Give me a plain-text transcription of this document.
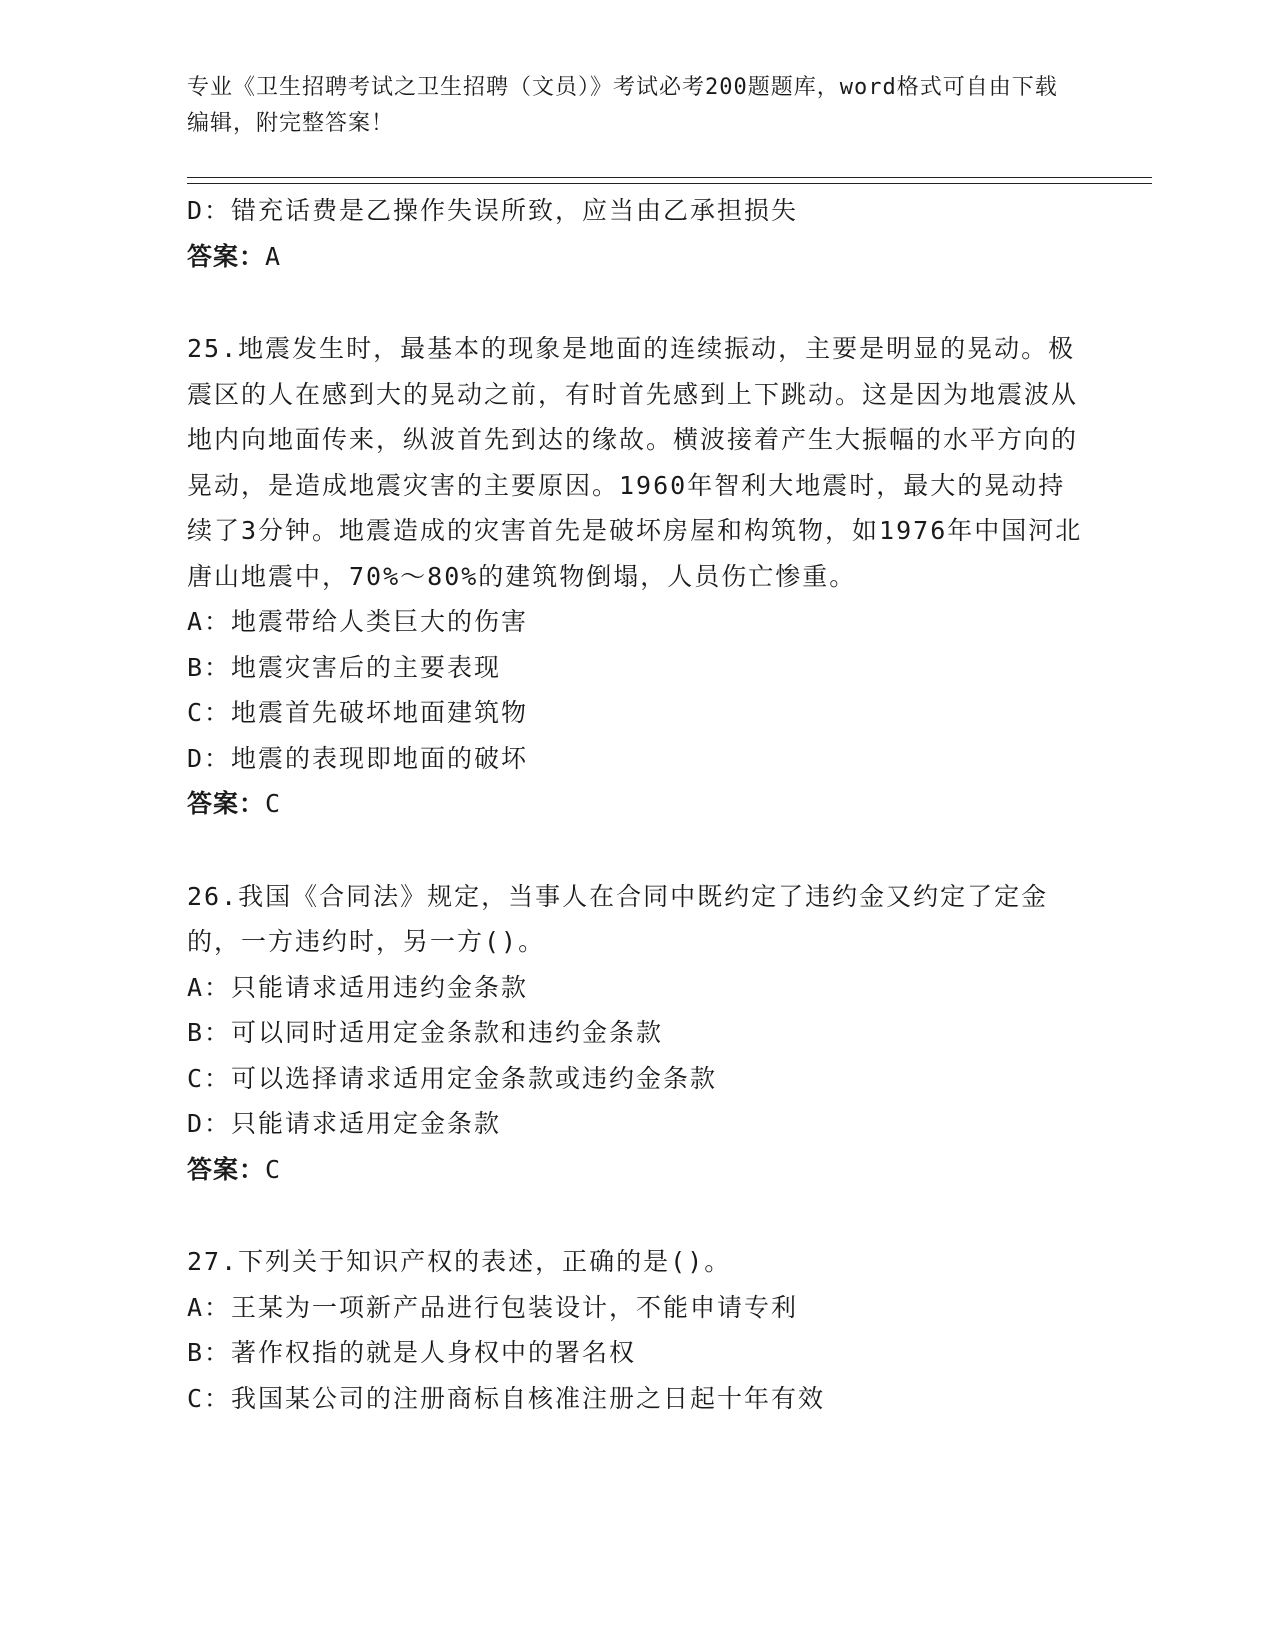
专业《卫生招聘考试之卫生招聘（文员）》考试必考200题题库，word格式可自由下载编辑，附完整答案！

D：错充话费是乙操作失误所致，应当由乙承担损失

答案：A

25.地震发生时，最基本的现象是地面的连续振动，主要是明显的晃动。极震区的人在感到大的晃动之前，有时首先感到上下跳动。这是因为地震波从地内向地面传来，纵波首先到达的缘故。横波接着产生大振幅的水平方向的晃动，是造成地震灾害的主要原因。1960年智利大地震时，最大的晃动持续了3分钟。地震造成的灾害首先是破坏房屋和构筑物，如1976年中国河北唐山地震中，70%～80%的建筑物倒塌，人员伤亡惨重。

A：地震带给人类巨大的伤害

B：地震灾害后的主要表现

C：地震首先破坏地面建筑物

D：地震的表现即地面的破坏

答案：C

26.我国《合同法》规定，当事人在合同中既约定了违约金又约定了定金的，一方违约时，另一方()。

A：只能请求适用违约金条款

B：可以同时适用定金条款和违约金条款

C：可以选择请求适用定金条款或违约金条款

D：只能请求适用定金条款

答案：C

27.下列关于知识产权的表述，正确的是()。

A：王某为一项新产品进行包装设计，不能申请专利

B：著作权指的就是人身权中的署名权

C：我国某公司的注册商标自核准注册之日起十年有效
